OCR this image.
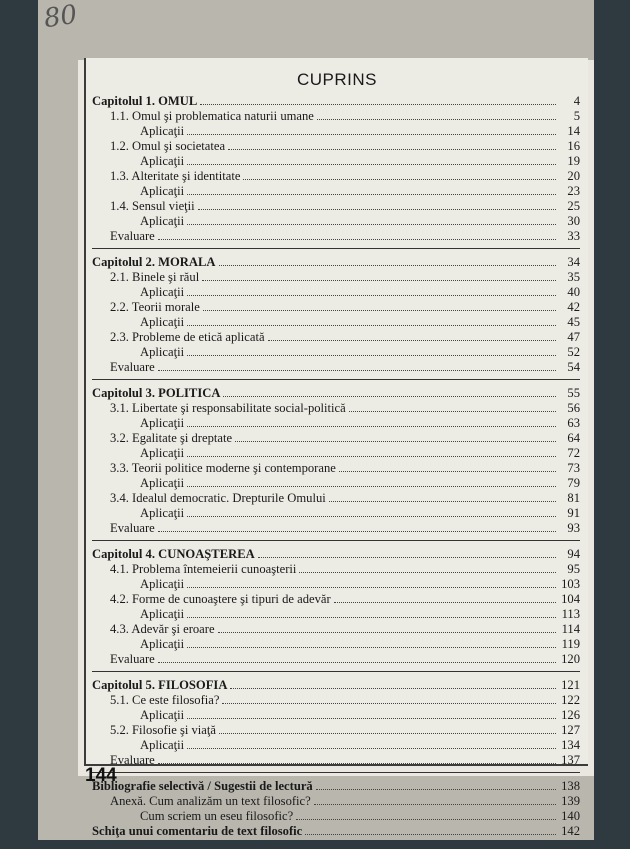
80
CUPRINS
Capitolul 1. OMUL	4
1.1. Omul şi problematica naturii umane	5
Aplicaţii	14
1.2. Omul şi societatea	16
Aplicaţii	19
1.3. Alteritate şi identitate	20
Aplicaţii	23
1.4. Sensul vieţii	25
Aplicaţii	30
Evaluare	33
Capitolul 2. MORALA	34
2.1. Binele şi răul	35
Aplicaţii	40
2.2. Teorii morale	42
Aplicaţii	45
2.3. Probleme de etică aplicată	47
Aplicaţii	52
Evaluare	54
Capitolul 3. POLITICA	55
3.1. Libertate şi responsabilitate social-politică	56
Aplicaţii	63
3.2. Egalitate şi dreptate	64
Aplicaţii	72
3.3. Teorii politice moderne şi contemporane	73
Aplicaţii	79
3.4. Idealul democratic. Drepturile Omului	81
Aplicaţii	91
Evaluare	93
Capitolul 4. CUNOAŞTEREA	94
4.1. Problema întemeierii cunoaşterii	95
Aplicaţii	103
4.2. Forme de cunoaştere şi tipuri de adevăr	104
Aplicaţii	113
4.3. Adevăr şi eroare	114
Aplicaţii	119
Evaluare	120
Capitolul 5. FILOSOFIA	121
5.1. Ce este filosofia?	122
Aplicaţii	126
5.2. Filosofie şi viaţă	127
Aplicaţii	134
Evaluare	137
Bibliografie selectivă / Sugestii de lectură	138
Anexă. Cum analizăm un text filosofic?	139
Cum scriem un eseu filosofic?	140
Schiţa unui comentariu de text filosofic	142
144
